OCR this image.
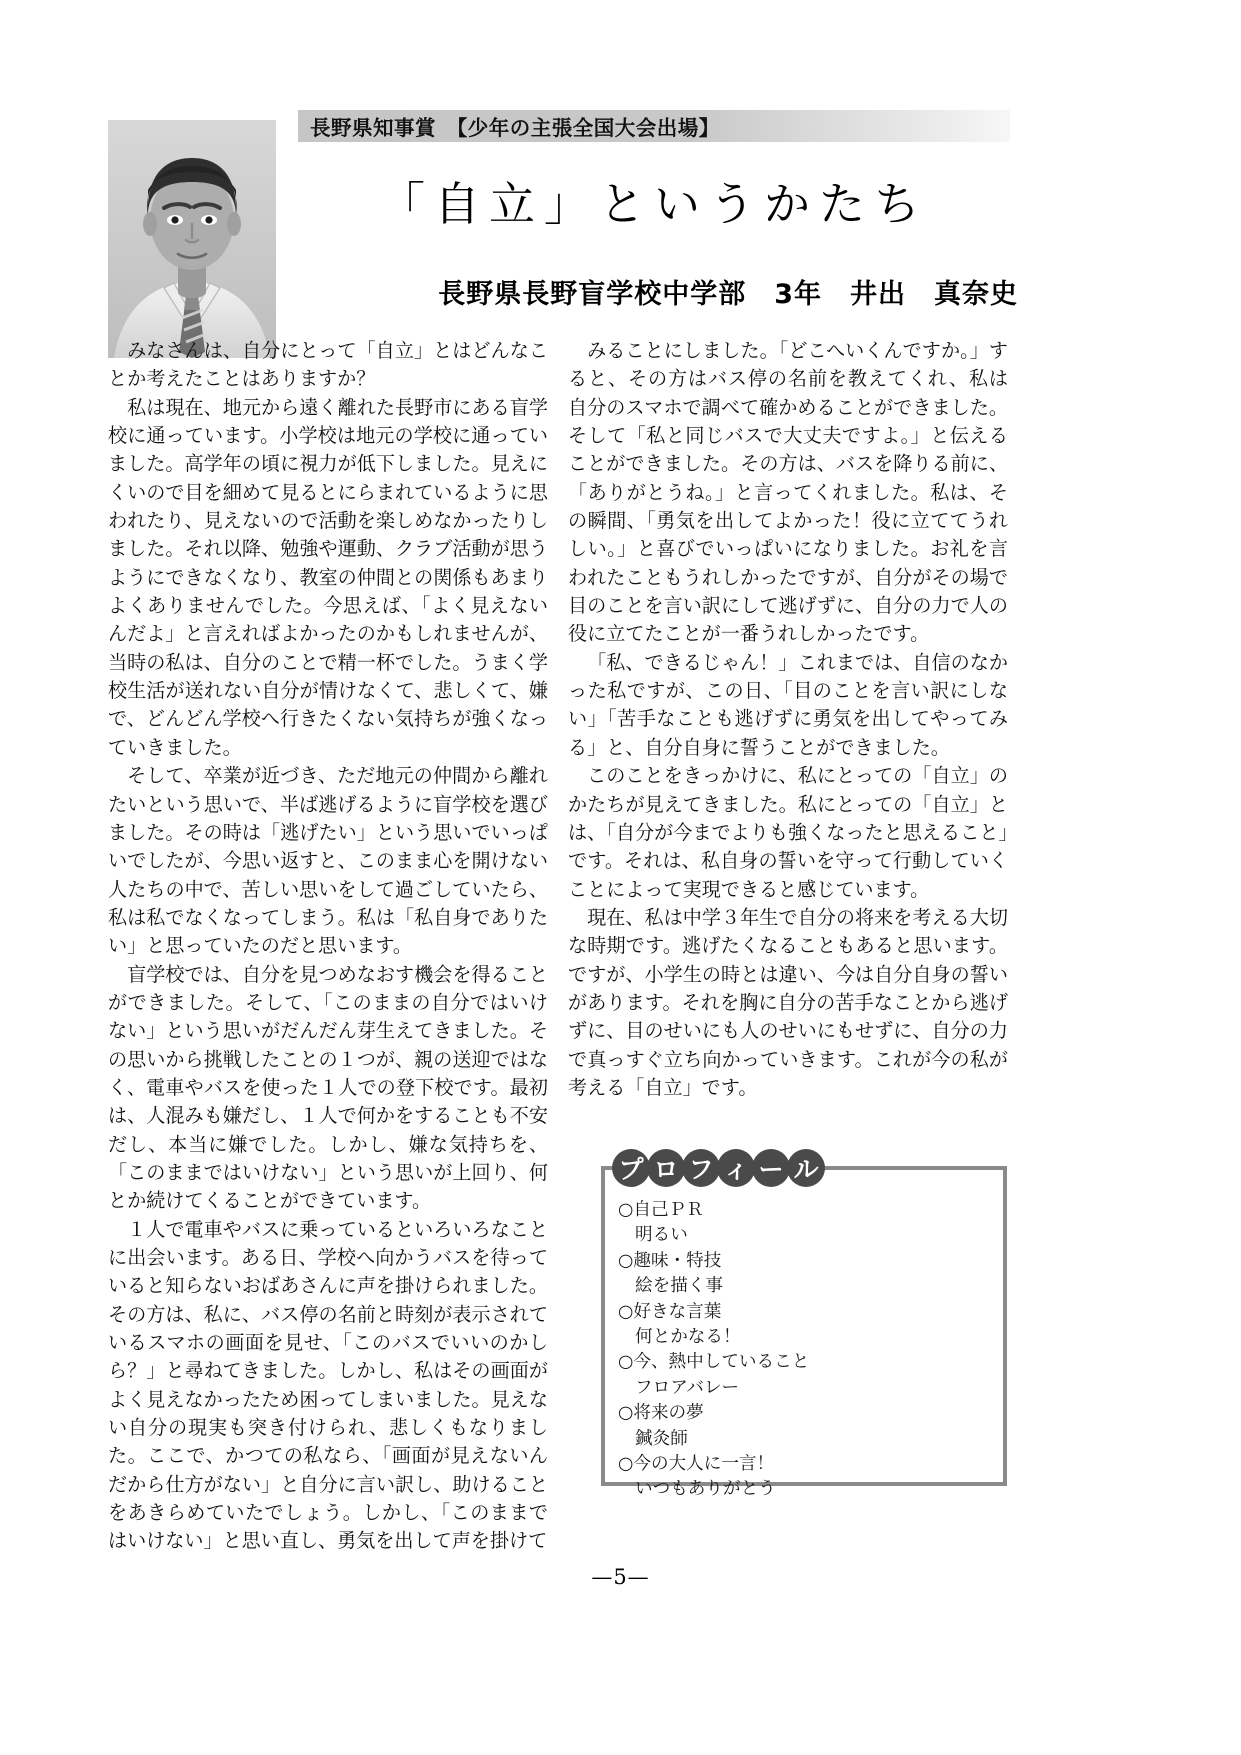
長野県知事賞　【少年の主張全国大会出場】
「自立」というかたち
長野県長野盲学校中学部　3年　井出　真奈史

みなさんは、自分にとって「自立」とはどんなことか考えたことはありますか？

私は現在、地元から遠く離れた長野市にある盲学校に通っています。小学校は地元の学校に通っていました。高学年の頃に視力が低下しました。見えにくいので目を細めて見るとにらまれているように思われたり、見えないので活動を楽しめなかったりしました。それ以降、勉強や運動、クラブ活動が思うようにできなくなり、教室の仲間との関係もあまりよくありませんでした。今思えば、「よく見えないんだよ」と言えればよかったのかもしれませんが、当時の私は、自分のことで精一杯でした。うまく学校生活が送れない自分が情けなくて、悲しくて、嫌で、どんどん学校へ行きたくない気持ちが強くなっていきました。

そして、卒業が近づき、ただ地元の仲間から離れたいという思いで、半ば逃げるように盲学校を選びました。その時は「逃げたい」という思いでいっぱいでしたが、今思い返すと、このまま心を開けない人たちの中で、苦しい思いをして過ごしていたら、私は私でなくなってしまう。私は「私自身でありたい」と思っていたのだと思います。

盲学校では、自分を見つめなおす機会を得ることができました。そして、「このままの自分ではいけない」という思いがだんだん芽生えてきました。その思いから挑戦したことの１つが、親の送迎ではなく、電車やバスを使った１人での登下校です。最初は、人混みも嫌だし、１人で何かをすることも不安だし、本当に嫌でした。しかし、嫌な気持ちを、「このままではいけない」という思いが上回り、何とか続けてくることができています。

１人で電車やバスに乗っているといろいろなことに出会います。ある日、学校へ向かうバスを待っていると知らないおばあさんに声を掛けられました。その方は、私に、バス停の名前と時刻が表示されているスマホの画面を見せ、「このバスでいいのかしら？」と尋ねてきました。しかし、私はその画面がよく見えなかったため困ってしまいました。見えない自分の現実も突き付けられ、悲しくもなりました。ここで、かつての私なら、「画面が見えないんだから仕方がない」と自分に言い訳し、助けることをあきらめていたでしょう。しかし、「このままではいけない」と思い直し、勇気を出して声を掛けて

みることにしました。「どこへいくんですか。」すると、その方はバス停の名前を教えてくれ、私は自分のスマホで調べて確かめることができました。そして「私と同じバスで大丈夫ですよ。」と伝えることができました。その方は、バスを降りる前に、「ありがとうね。」と言ってくれました。私は、その瞬間、「勇気を出してよかった！役に立ててうれしい。」と喜びでいっぱいになりました。お礼を言われたこともうれしかったですが、自分がその場で目のことを言い訳にして逃げずに、自分の力で人の役に立てたことが一番うれしかったです。

「私、できるじゃん！」これまでは、自信のなかった私ですが、この日、「目のことを言い訳にしない」「苦手なことも逃げずに勇気を出してやってみる」と、自分自身に誓うことができました。

このことをきっかけに、私にとっての「自立」のかたちが見えてきました。私にとっての「自立」とは、「自分が今までよりも強くなったと思えること」です。それは、私自身の誓いを守って行動していくことによって実現できると感じています。

現在、私は中学３年生で自分の将来を考える大切な時期です。逃げたくなることもあると思います。ですが、小学生の時とは違い、今は自分自身の誓いがあります。それを胸に自分の苦手なことから逃げずに、目のせいにも人のせいにもせずに、自分の力で真っすぐ立ち向かっていきます。これが今の私が考える「自立」です。

プ ロ フ ィ ー ル
○自己ＰＲ
明るい
○趣味・特技
絵を描く事
○好きな言葉
何とかなる！
○今、熱中していること
フロアバレー
○将来の夢
鍼灸師
○今の大人に一言！
いつもありがとう
—5—
